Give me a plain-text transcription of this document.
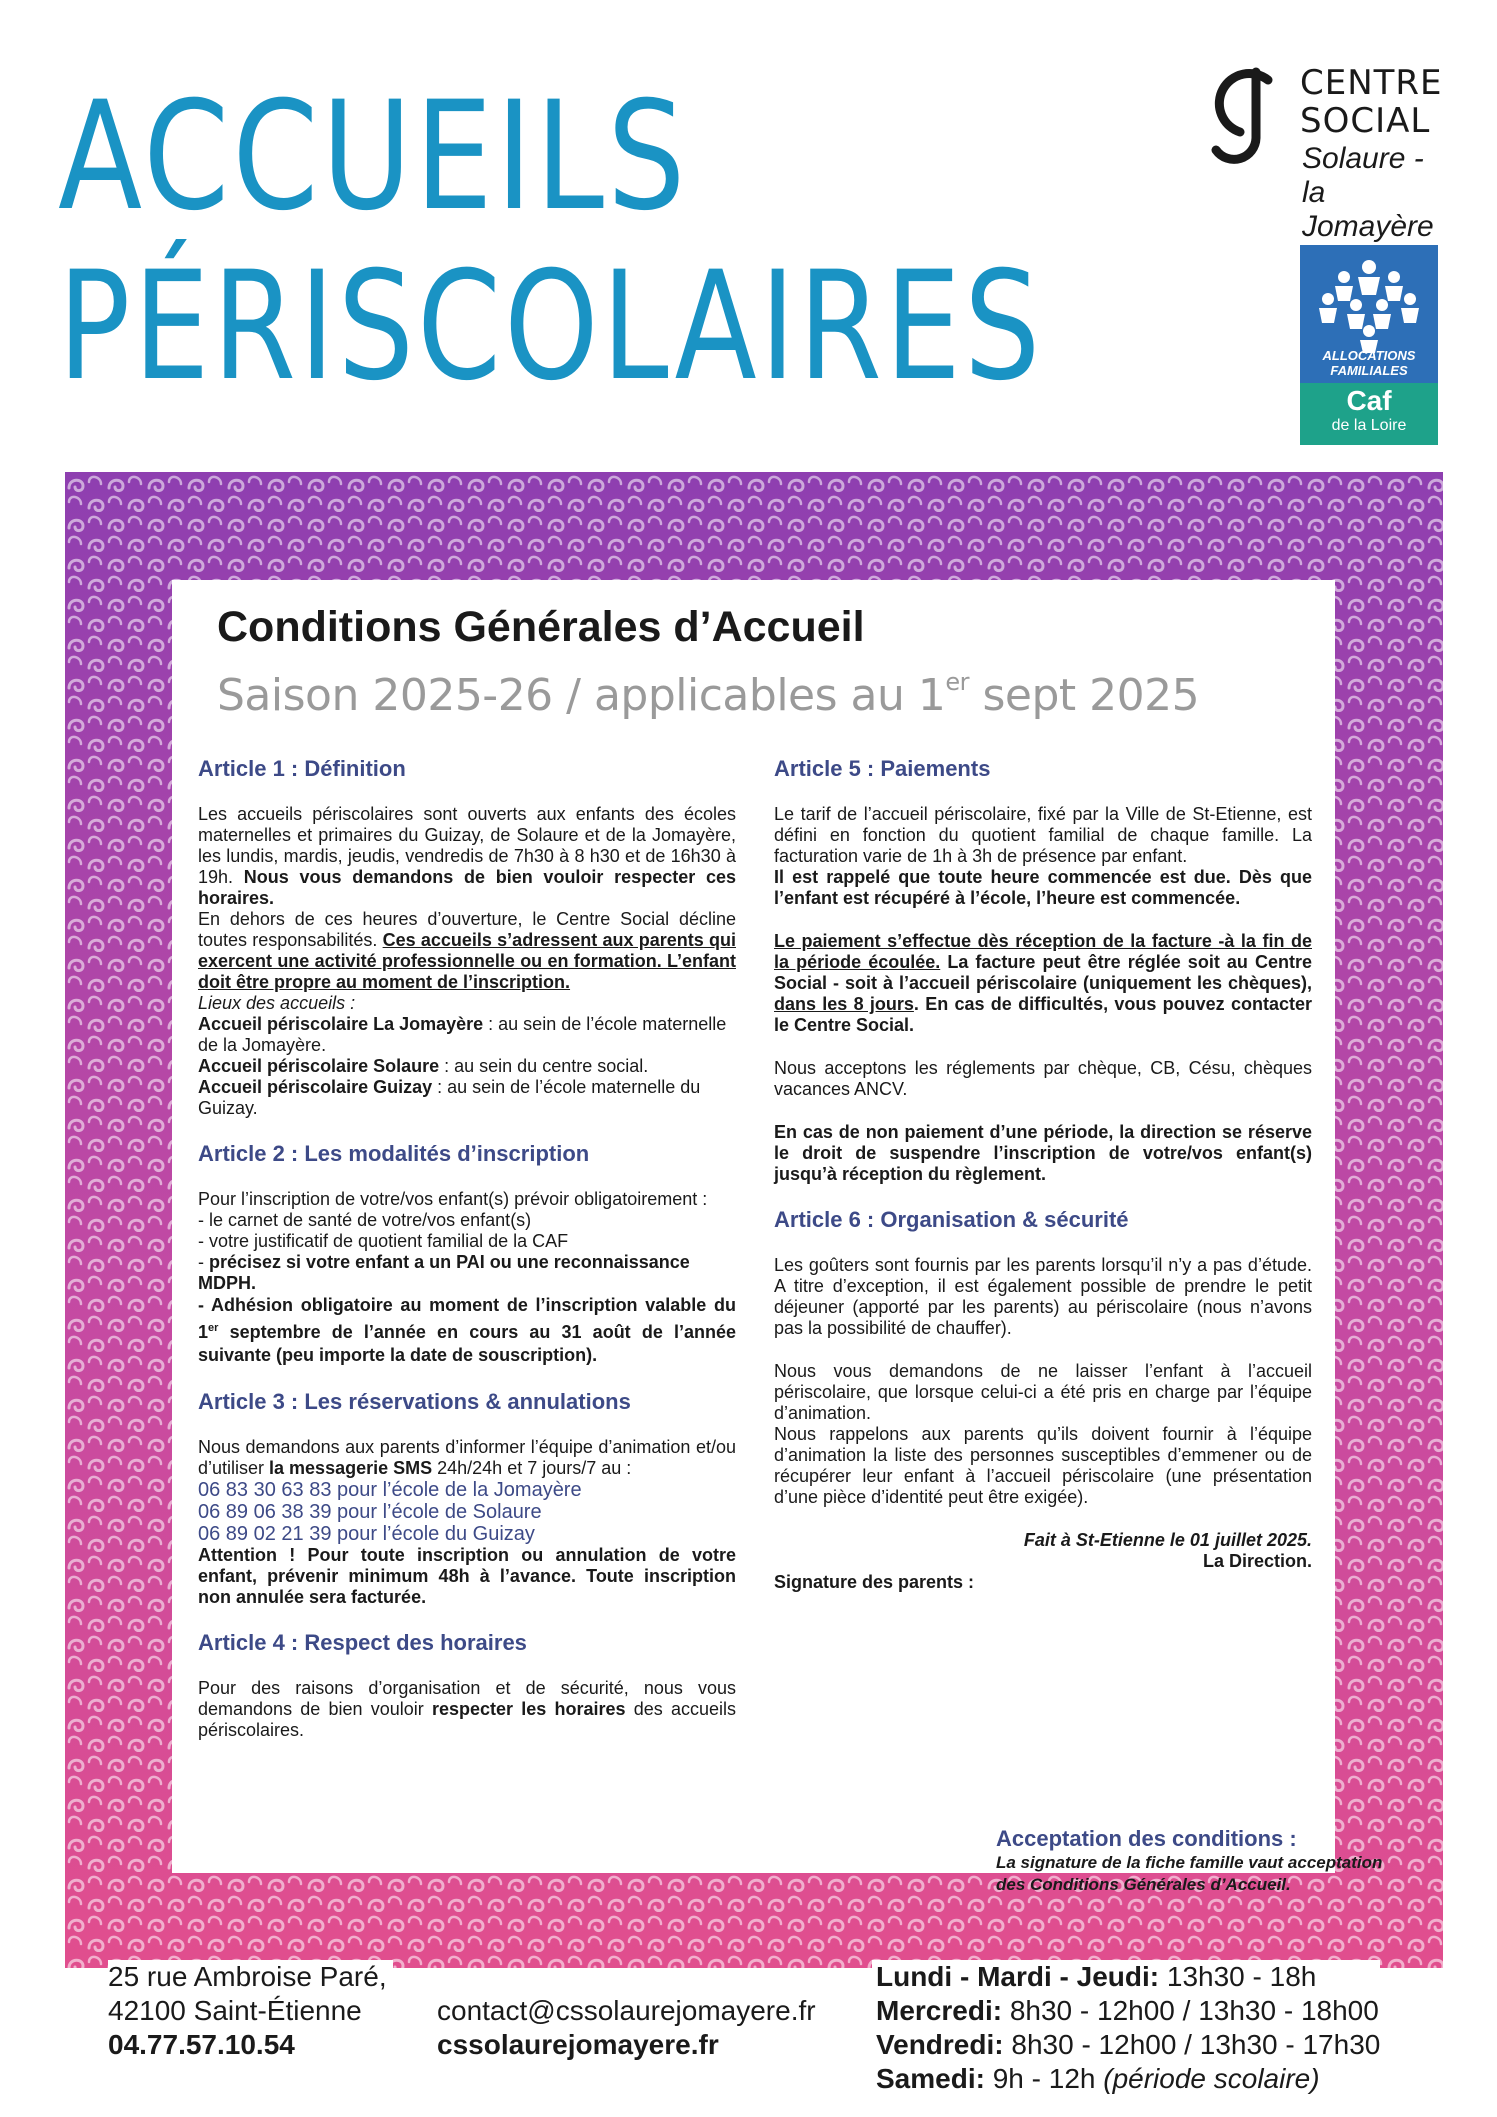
ACCUEILS
PÉRISCOLAIRES
CENTRE
SOCIAL
Solaure -
la Jomayère
ALLOCATIONS
FAMILIALES
Caf
de la Loire
Conditions Générales d’Accueil
Saison 2025-26 / applicables au 1er sept 2025
Article 1 : Définition
Les accueils périscolaires sont ouverts aux enfants des écoles maternelles et primaires du Guizay, de Solaure et de la Jomayère, les lundis, mardis, jeudis, vendredis de 7h30 à 8 h30 et de 16h30 à 19h. Nous vous demandons de bien vouloir respecter ces horaires.
En dehors de ces heures d’ouverture, le Centre Social décline toutes responsabilités. Ces accueils s’adressent aux parents qui exercent une activité professionnelle ou en formation. L’enfant doit être propre au moment de l’inscription.
Lieux des accueils :
Accueil périscolaire La Jomayère : au sein de l’école maternelle de la Jomayère.
Accueil périscolaire Solaure : au sein du centre social.
Accueil périscolaire Guizay : au sein de l’école maternelle du Guizay.
Article 2 : Les modalités d’inscription
Pour l’inscription de votre/vos enfant(s) prévoir obligatoirement :
- le carnet de santé de votre/vos enfant(s)
- votre justificatif de quotient familial de la CAF
- précisez si votre enfant a un PAI ou une reconnaissance MDPH.
- Adhésion obligatoire au moment de l’inscription valable du 1er septembre de l’année en cours au 31 août de l’année suivante (peu importe la date de souscription).
Article 3 : Les réservations & annulations
Nous demandons aux parents d’informer l’équipe d’animation et/ou d’utiliser la messagerie SMS 24h/24h et 7 jours/7 au :
06 83 30 63 83 pour l’école de la Jomayère
06 89 06 38 39 pour l’école de Solaure
06 89 02 21 39 pour l’école du Guizay
Attention ! Pour toute inscription ou annulation de votre enfant, prévenir minimum 48h à l’avance. Toute inscription non annulée sera facturée.
Article 4 : Respect des horaires
Pour des raisons d’organisation et de sécurité, nous vous demandons de bien vouloir respecter les horaires des accueils périscolaires.
Article 5 : Paiements
Le tarif de l’accueil périscolaire, fixé par la Ville de St-Etienne, est défini en fonction du quotient familial de chaque famille. La facturation varie de 1h à 3h de présence par enfant.
Il est rappelé que toute heure commencée est due. Dès que l’enfant est récupéré à l’école, l’heure est commencée.
Le paiement s’effectue dès réception de la facture -à la fin de la période écoulée. La facture peut être réglée soit au Centre Social - soit à l’accueil périscolaire (uniquement les chèques), dans les 8 jours. En cas de difficultés, vous pouvez contacter le Centre Social.
Nous acceptons les réglements par chèque, CB, Césu, chèques vacances ANCV.
En cas de non paiement d’une période, la direction se réserve le droit de suspendre l’inscription de votre/vos enfant(s) jusqu’à réception du règlement.
Article 6 : Organisation & sécurité
Les goûters sont fournis par les parents lorsqu’il n’y a pas d’étude. A titre d’exception, il est également possible de prendre le petit déjeuner (apporté par les parents) au périscolaire (nous n’avons pas la possibilité de chauffer).
Nous vous demandons de ne laisser l’enfant à l’accueil périscolaire, que lorsque celui-ci a été pris en charge par l’équipe d’animation.
Nous rappelons aux parents qu’ils doivent fournir à l’équipe d’animation la liste des personnes susceptibles d’emmener ou de récupérer leur enfant à l’accueil périscolaire (une présentation d’une pièce d’identité peut être exigée).
Fait à St-Etienne le 01 juillet 2025.
La Direction.
Signature des parents :
Acceptation des conditions :
La signature de la fiche famille vaut acceptation des Conditions Générales d’Accueil.
25 rue Ambroise Paré,
42100 Saint-Étienne
04.77.57.10.54
contact@cssolaurejomayere.fr
cssolaurejomayere.fr
Lundi - Mardi - Jeudi: 13h30 - 18h
Mercredi: 8h30 - 12h00 / 13h30 - 18h00
Vendredi: 8h30 - 12h00 / 13h30 - 17h30
Samedi: 9h - 12h (période scolaire)
